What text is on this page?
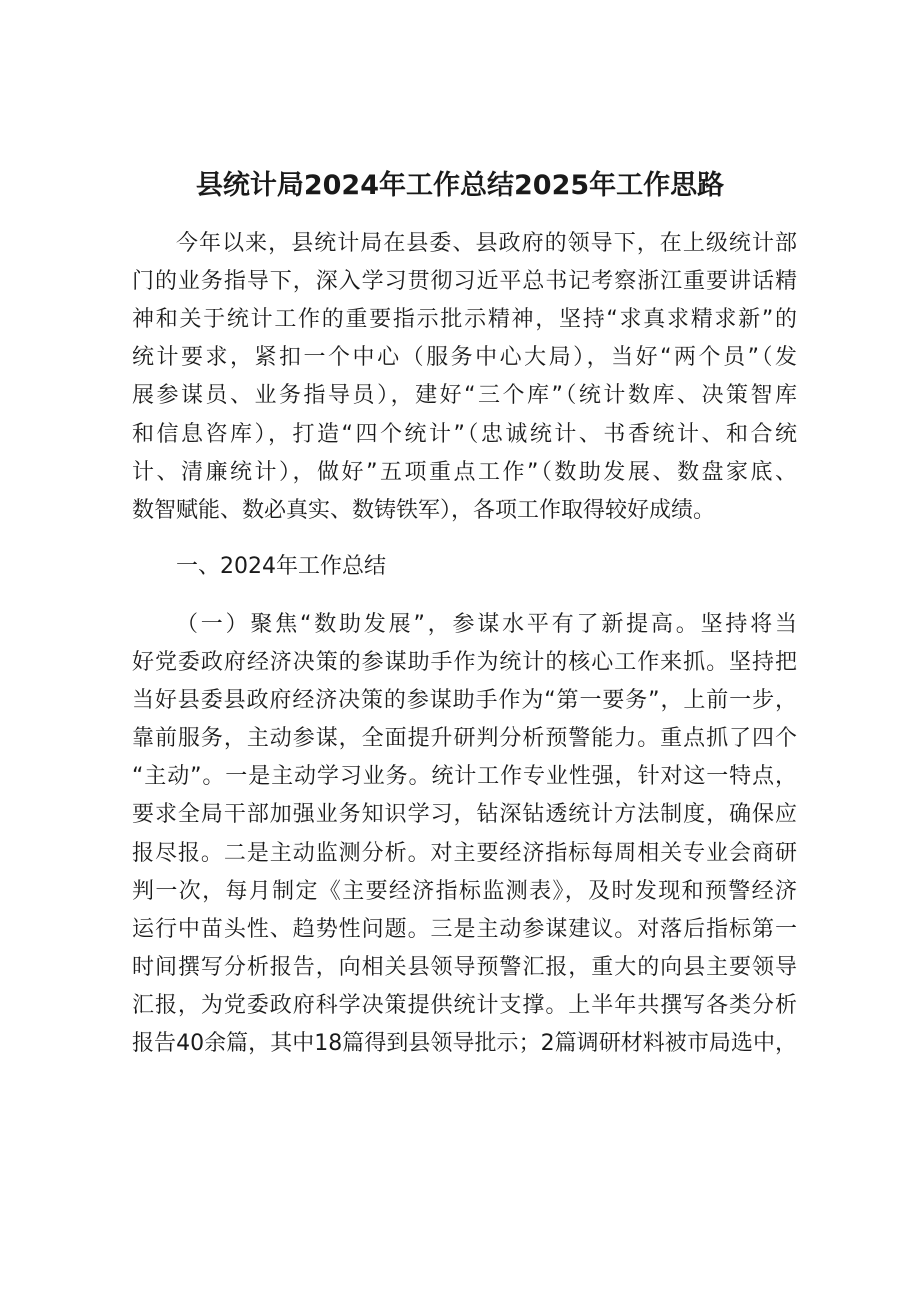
县统计局2024年工作总结2025年工作思路
今年以来，县统计局在县委、县政府的领导下，在上级统计部
门的业务指导下，深入学习贯彻习近平总书记考察浙江重要讲话精
神和关于统计工作的重要指示批示精神，坚持“求真求精求新”的
统计要求，紧扣一个中心（服务中心大局），当好“两个员”（发
展参谋员、业务指导员），建好“三个库”（统计数库、决策智库
和信息咨库），打造“四个统计”（忠诚统计、书香统计、和合统
计、清廉统计），做好”五项重点工作”（数助发展、数盘家底、
数智赋能、数必真实、数铸铁军），各项工作取得较好成绩。
一、2024年工作总结
（一）聚焦“数助发展”，参谋水平有了新提高。坚持将当
好党委政府经济决策的参谋助手作为统计的核心工作来抓。坚持把
当好县委县政府经济决策的参谋助手作为“第一要务”，上前一步，
靠前服务，主动参谋，全面提升研判分析预警能力。重点抓了四个
“主动”。一是主动学习业务。统计工作专业性强，针对这一特点，
要求全局干部加强业务知识学习，钻深钻透统计方法制度，确保应
报尽报。二是主动监测分析。对主要经济指标每周相关专业会商研
判一次，每月制定《主要经济指标监测表》，及时发现和预警经济
运行中苗头性、趋势性问题。三是主动参谋建议。对落后指标第一
时间撰写分析报告，向相关县领导预警汇报，重大的向县主要领导
汇报，为党委政府科学决策提供统计支撑。上半年共撰写各类分析
报告40余篇，其中18篇得到县领导批示；2篇调研材料被市局选中，
